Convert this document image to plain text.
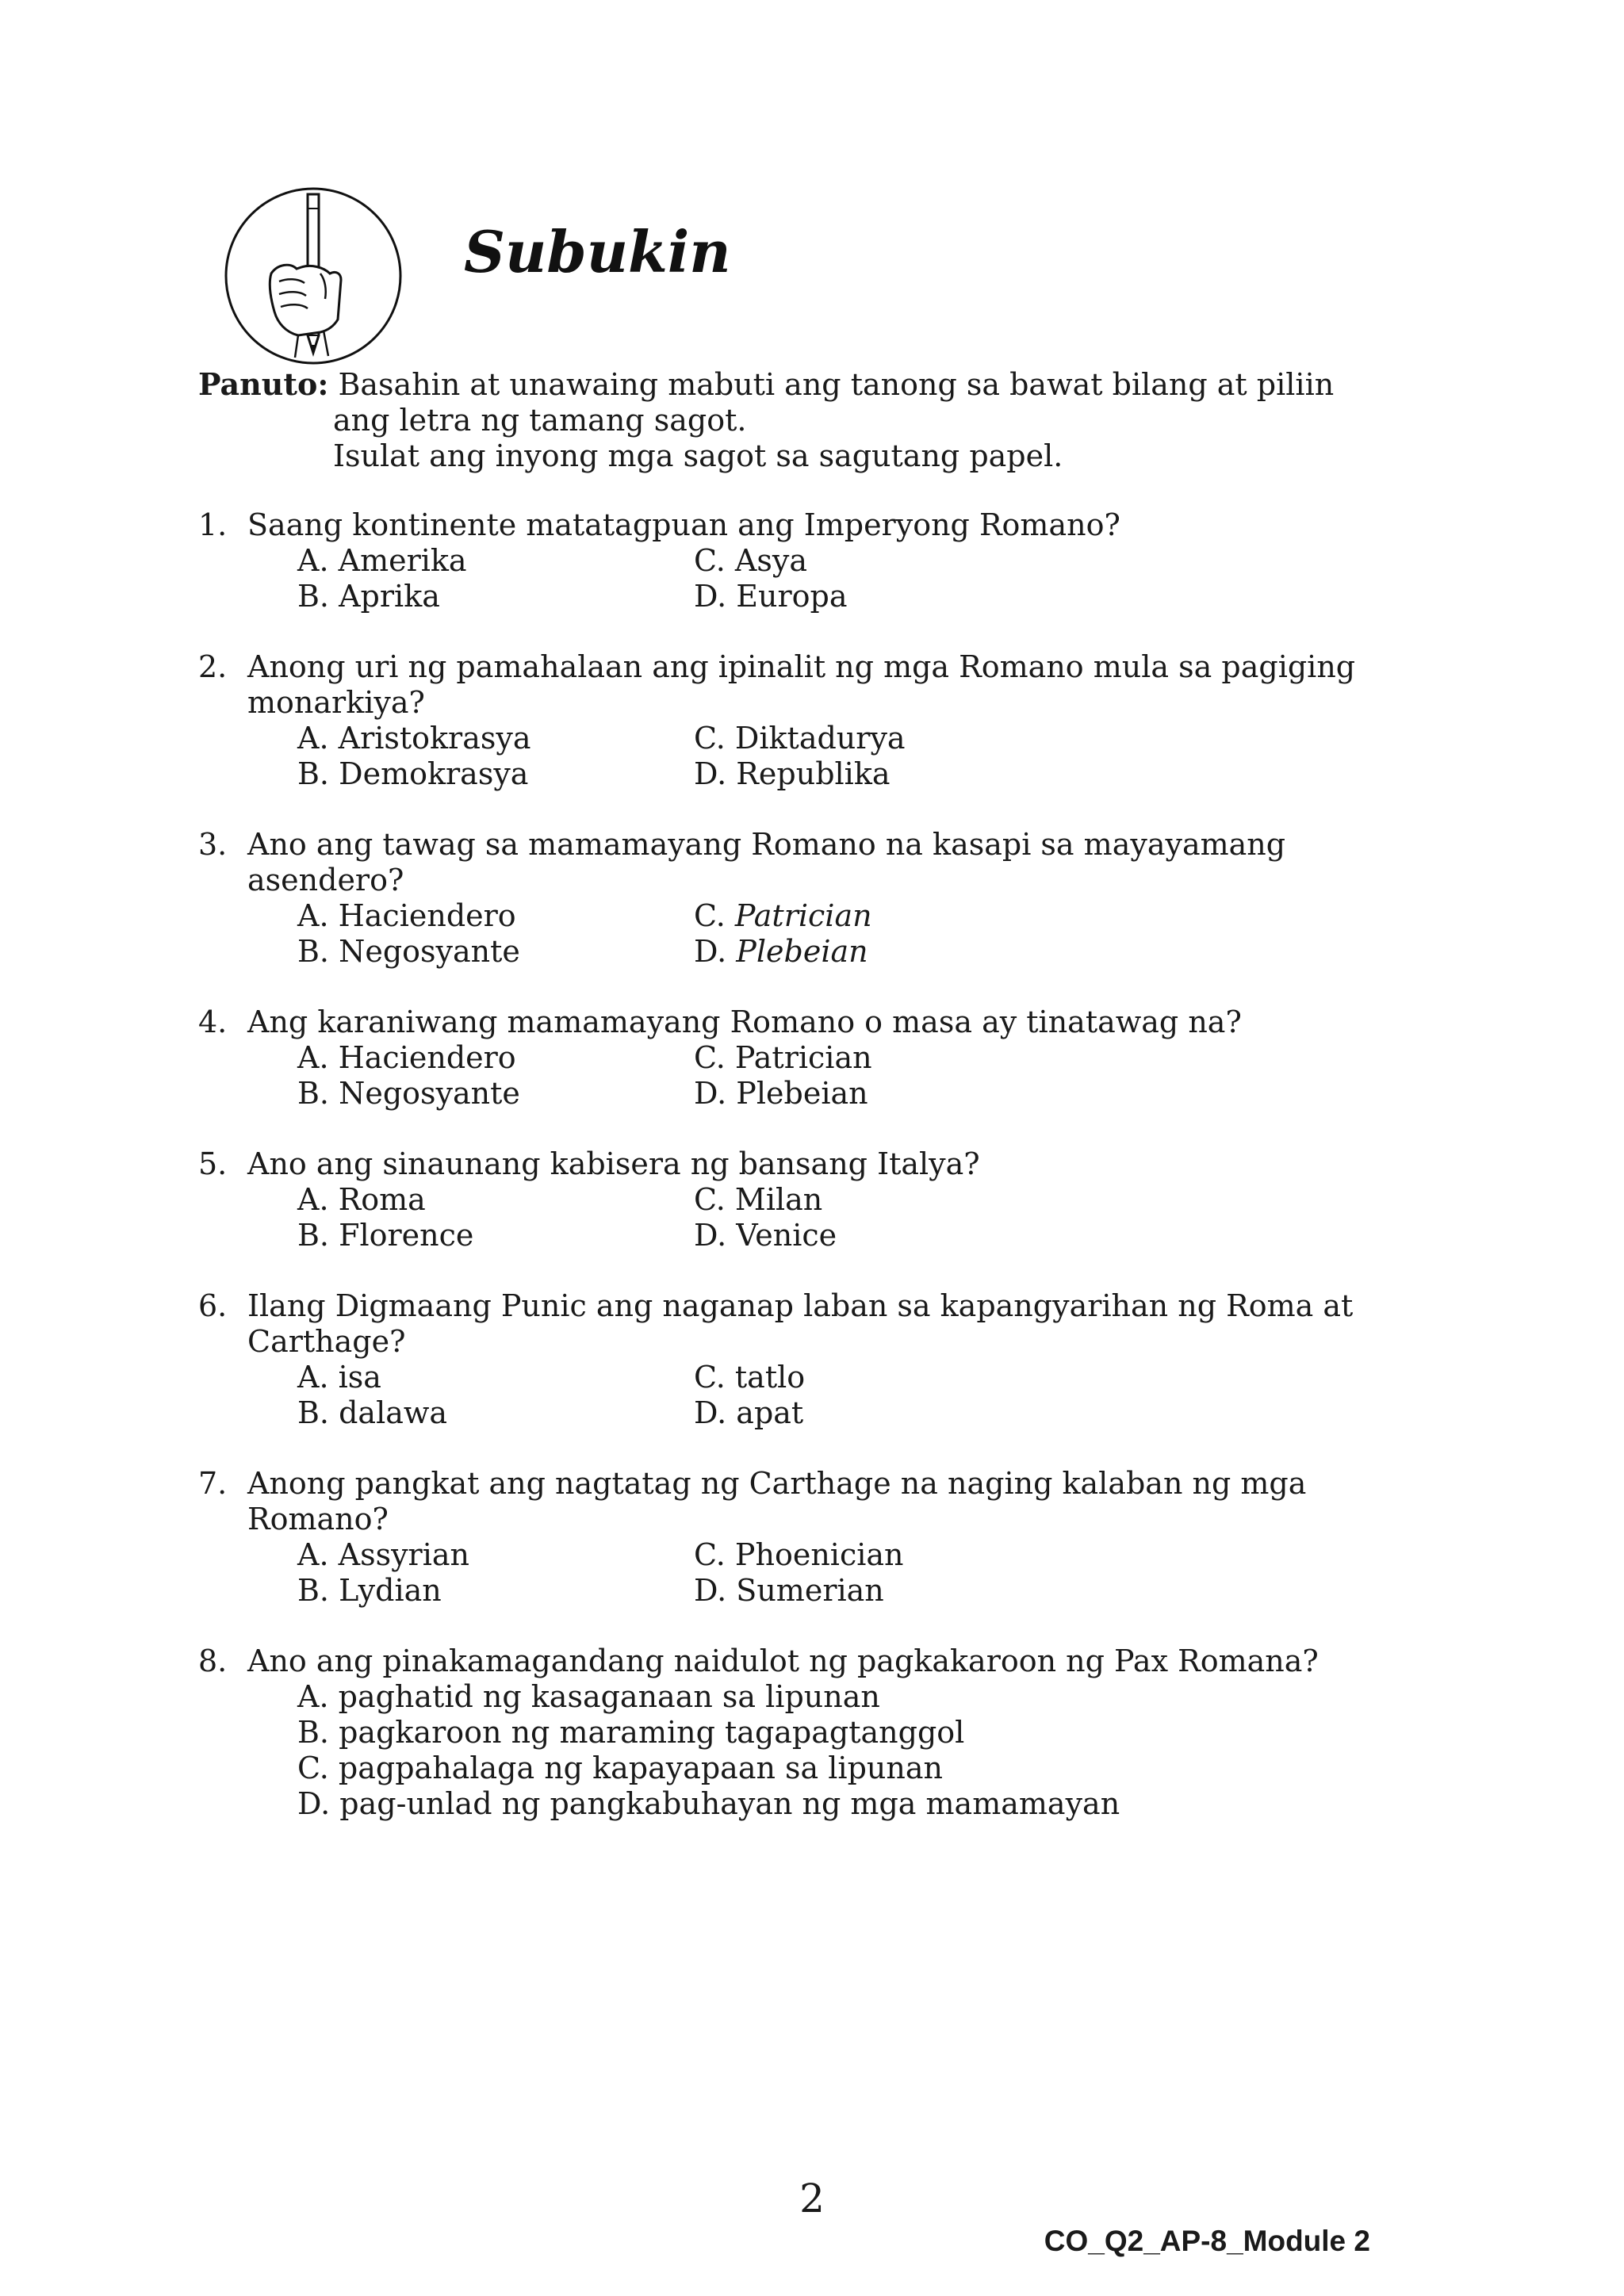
Subukin
Panuto: Basahin at unawaing mabuti ang tanong sa bawat bilang at piliin
ang letra ng tamang sagot.
Isulat ang inyong mga sagot sa sagutang papel.
1. Saang kontinente matatagpuan ang Imperyong Romano?
A. Amerika	C. Asya
B. Aprika	D. Europa
2. Anong uri ng pamahalaan ang ipinalit ng mga Romano mula sa pagiging monarkiya?
A. Aristokrasya	C. Diktadurya
B. Demokrasya	D. Republika
3. Ano ang tawag sa mamamayang Romano na kasapi sa mayayamang asendero?
A. Haciendero	C. Patrician
B. Negosyante	D. Plebeian
4. Ang karaniwang mamamayang Romano o masa ay tinatawag na?
A. Haciendero	C. Patrician
B. Negosyante	D. Plebeian
5. Ano ang sinaunang kabisera ng bansang Italya?
A. Roma	C. Milan
B. Florence	D. Venice
6. Ilang Digmaang Punic ang naganap laban sa kapangyarihan ng Roma at Carthage?
A. isa	C. tatlo
B. dalawa	D. apat
7. Anong pangkat ang nagtatag ng Carthage na naging kalaban ng mga Romano?
A. Assyrian	C. Phoenician
B. Lydian	D. Sumerian
8. Ano ang pinakamagandang naidulot ng pagkakaroon ng Pax Romana?
A. paghatid ng kasaganaan sa lipunan
B. pagkaroon ng maraming tagapagtanggol
C. pagpahalaga ng kapayapaan sa lipunan
D. pag-unlad ng pangkabuhayan ng mga mamamayan
2
CO_Q2_AP-8_Module 2
